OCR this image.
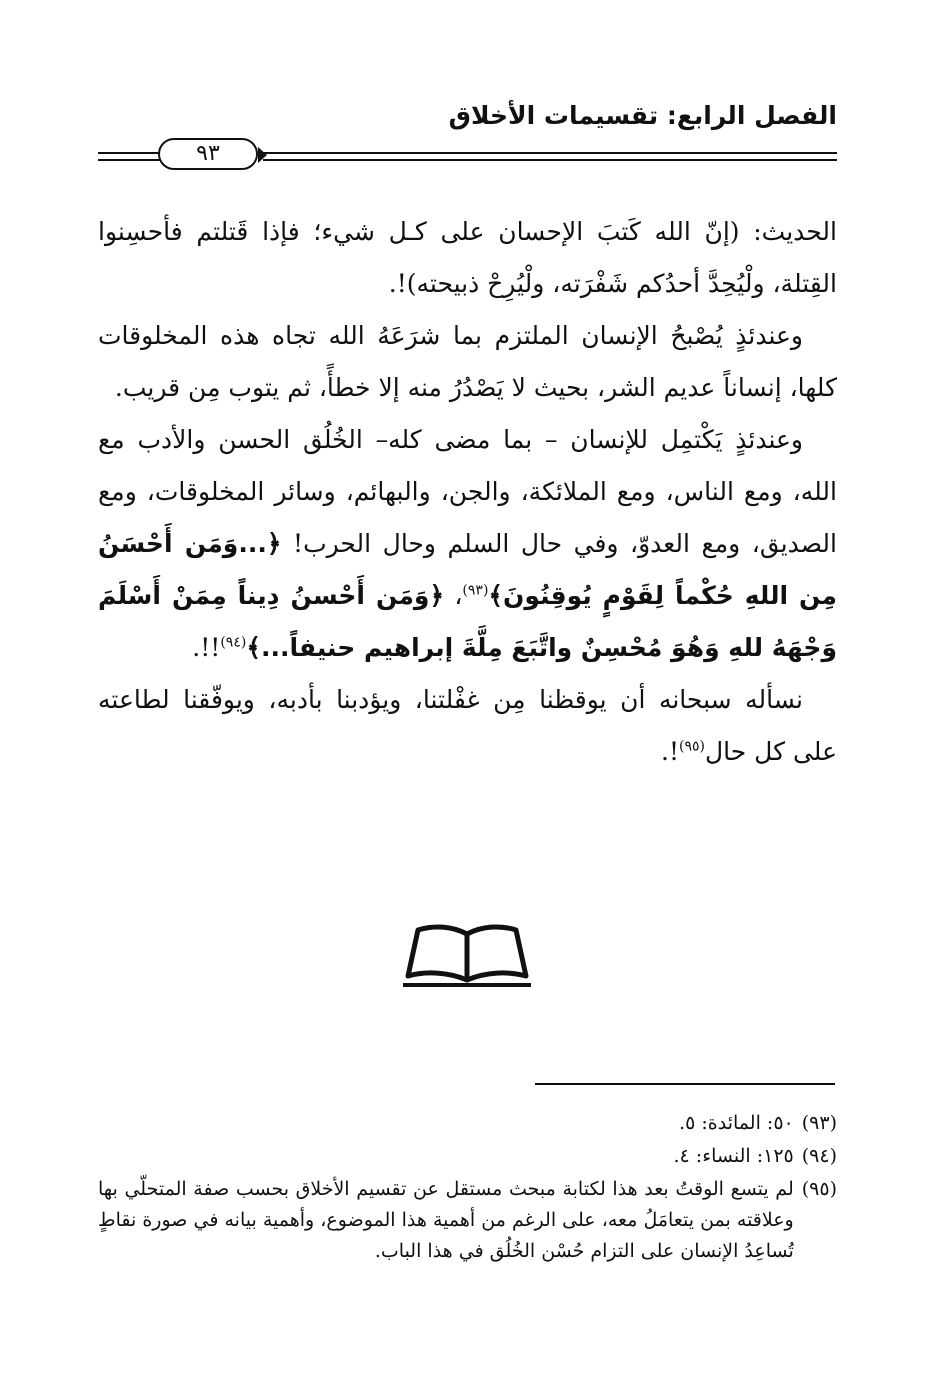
الفصل الرابع: تقسيمات الأخلاق
٩٣

الحديث: (إنّ الله كَتبَ الإحسان على كـل شيء؛ فإذا قَتلتم فأحسِنوا القِتلة، ولْيُحِدَّ أحدُكم شَفْرَته، ولْيُرِحْ ذبيحته)!.

وعندئذٍ يُصْبحُ الإنسان الملتزم بما شرَعَهُ الله تجاه هذه المخلوقات كلها، إنساناً عديم الشر، بحيث لا يَصْدُرُ منه إلا خطأً، ثم يتوب مِن قريب.

وعندئذٍ يَكْتمِل للإنسان – بما مضى كله– الخُلُق الحسن والأدب مع الله، ومع الناس، ومع الملائكة، والجن، والبهائم، وسائر المخلوقات، ومع الصديق، ومع العدوّ، وفي حال السلم وحال الحرب! ﴿...وَمَن أَحْسَنُ مِن اللهِ حُكْماً لِقَوْمٍ يُوقِنُونَ﴾$^{(٩٣)}$، ﴿وَمَن أَحْسنُ دِيناً مِمَنْ أَسْلَمَ وَجْهَهُ للهِ وَهُوَ مُحْسِنٌ واتَّبَعَ مِلَّةَ إبراهيم حنيفاً...﴾$^{(٩٤)}$!!.

نسأله سبحانه أن يوقظنا مِن غفْلتنا، ويؤدبنا بأدبه، ويوفّقنا لطاعته على كل حال$^{(٩٥)}$!.

(٩٣)
٥٠: المائدة: ٥.
(٩٤)
١٢٥: النساء: ٤.
(٩٥)
لم يتسع الوقتُ بعد هذا لكتابة مبحث مستقل عن تقسيم الأخلاق بحسب صفة المتحلّي بها وعلاقته بمن يتعامَلُ معه، على الرغم من أهمية هذا الموضوع، وأهمية بيانه في صورة نقاطٍ تُساعِدُ الإنسان على التزام حُسْن الخُلُق في هذا الباب.
